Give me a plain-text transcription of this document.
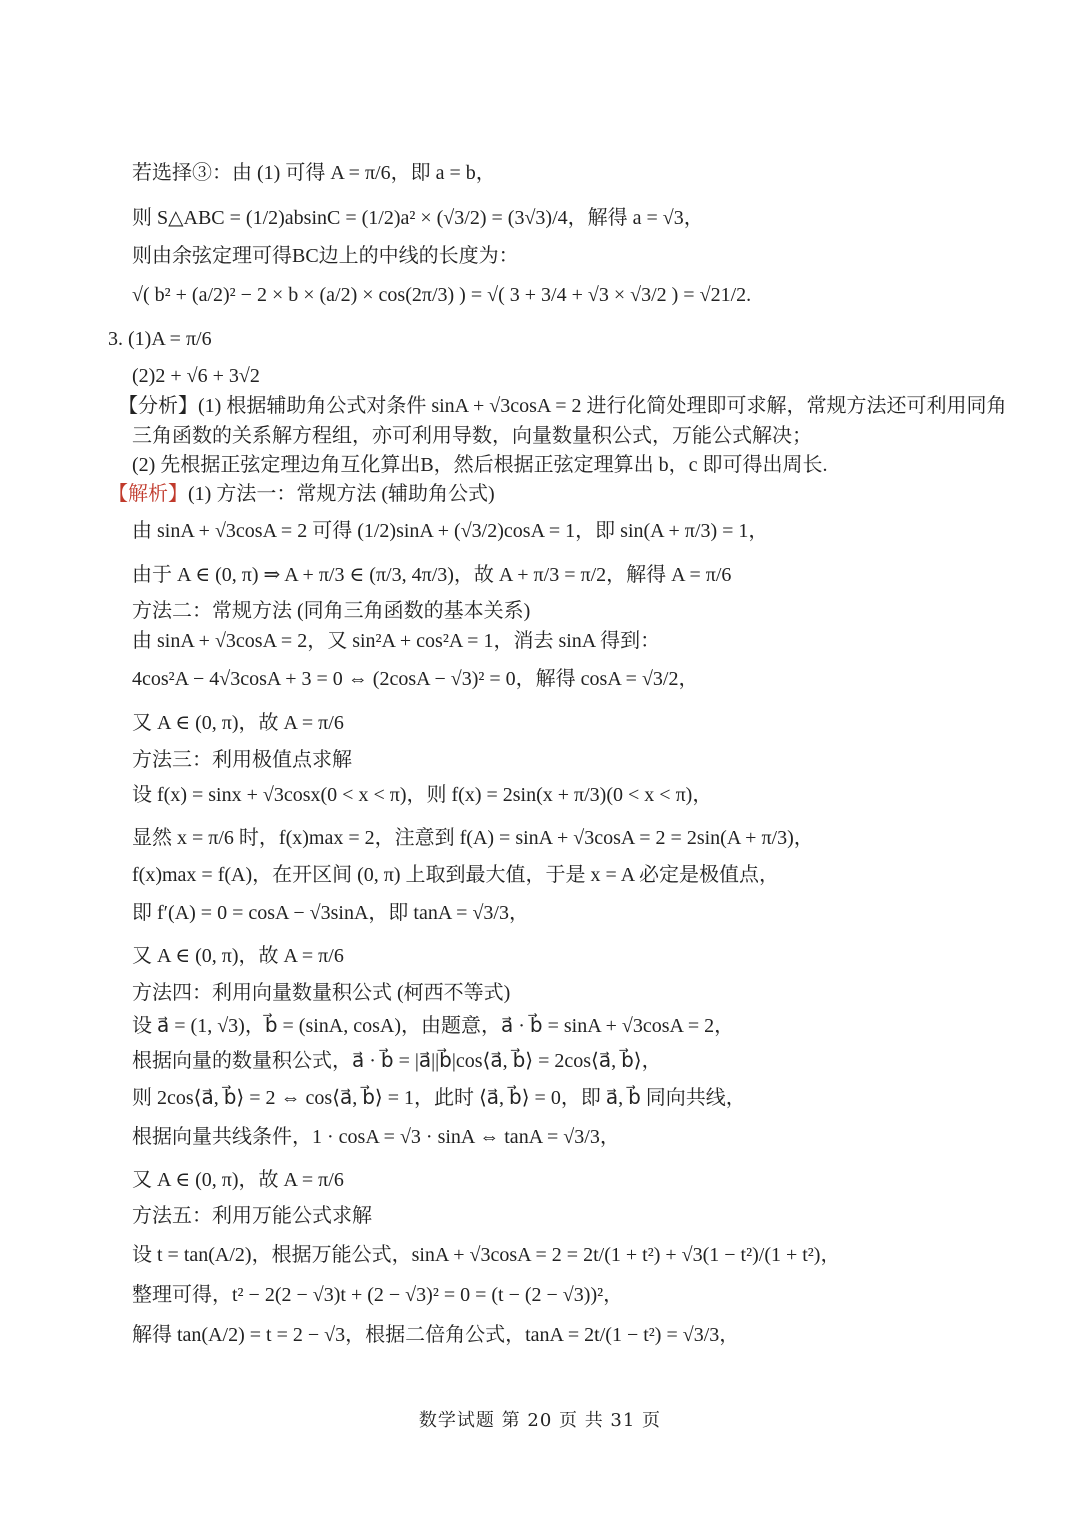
若选择③：由 (1) 可得 A = π/6，即 a = b，
则 S△ABC = (1/2)absinC = (1/2)a² × (√3/2) = (3√3)/4，解得 a = √3，
则由余弦定理可得BC边上的中线的长度为：
√( b² + (a/2)² − 2 × b × (a/2) × cos(2π/3) ) = √( 3 + 3/4 + √3 × √3/2 ) = √21/2.
3. (1)A = π/6
(2)2 + √6 + 3√2
　【分析】(1) 根据辅助角公式对条件 sinA + √3cosA = 2 进行化简处理即可求解，常规方法还可利用同角
三角函数的关系解方程组，亦可利用导数，向量数量积公式，万能公式解决；
(2) 先根据正弦定理边角互化算出B，然后根据正弦定理算出 b，c 即可得出周长.
【解析】(1) 方法一：常规方法 (辅助角公式)
由 sinA + √3cosA = 2 可得 (1/2)sinA + (√3/2)cosA = 1，即 sin(A + π/3) = 1，
由于 A ∈ (0, π) ⇒ A + π/3 ∈ (π/3, 4π/3)，故 A + π/3 = π/2，解得 A = π/6
方法二：常规方法 (同角三角函数的基本关系)
由 sinA + √3cosA = 2，又 sin²A + cos²A = 1，消去 sinA 得到：
4cos²A − 4√3cosA + 3 = 0 ⇔ (2cosA − √3)² = 0，解得 cosA = √3/2，
又 A ∈ (0, π)，故 A = π/6
方法三：利用极值点求解
设 f(x) = sinx + √3cosx(0 < x < π)，则 f(x) = 2sin(x + π/3)(0 < x < π)，
显然 x = π/6 时，f(x)max = 2，注意到 f(A) = sinA + √3cosA = 2 = 2sin(A + π/3)，
f(x)max = f(A)，在开区间 (0, π) 上取到最大值，于是 x = A 必定是极值点，
即 f′(A) = 0 = cosA − √3sinA，即 tanA = √3/3，
又 A ∈ (0, π)，故 A = π/6
方法四：利用向量数量积公式 (柯西不等式)
设 a⃗ = (1, √3)，b⃗ = (sinA, cosA)，由题意，a⃗ · b⃗ = sinA + √3cosA = 2，
根据向量的数量积公式，a⃗ · b⃗ = |a⃗||b⃗|cos⟨a⃗, b⃗⟩ = 2cos⟨a⃗, b⃗⟩，
则 2cos⟨a⃗, b⃗⟩ = 2 ⇔ cos⟨a⃗, b⃗⟩ = 1，此时 ⟨a⃗, b⃗⟩ = 0，即 a⃗, b⃗ 同向共线，
根据向量共线条件，1 · cosA = √3 · sinA ⇔ tanA = √3/3，
又 A ∈ (0, π)，故 A = π/6
方法五：利用万能公式求解
设 t = tan(A/2)，根据万能公式，sinA + √3cosA = 2 = 2t/(1 + t²) + √3(1 − t²)/(1 + t²)，
整理可得，t² − 2(2 − √3)t + (2 − √3)² = 0 = (t − (2 − √3))²，
解得 tan(A/2) = t = 2 − √3，根据二倍角公式，tanA = 2t/(1 − t²) = √3/3，
数学试题 第 20 页 共 31 页
